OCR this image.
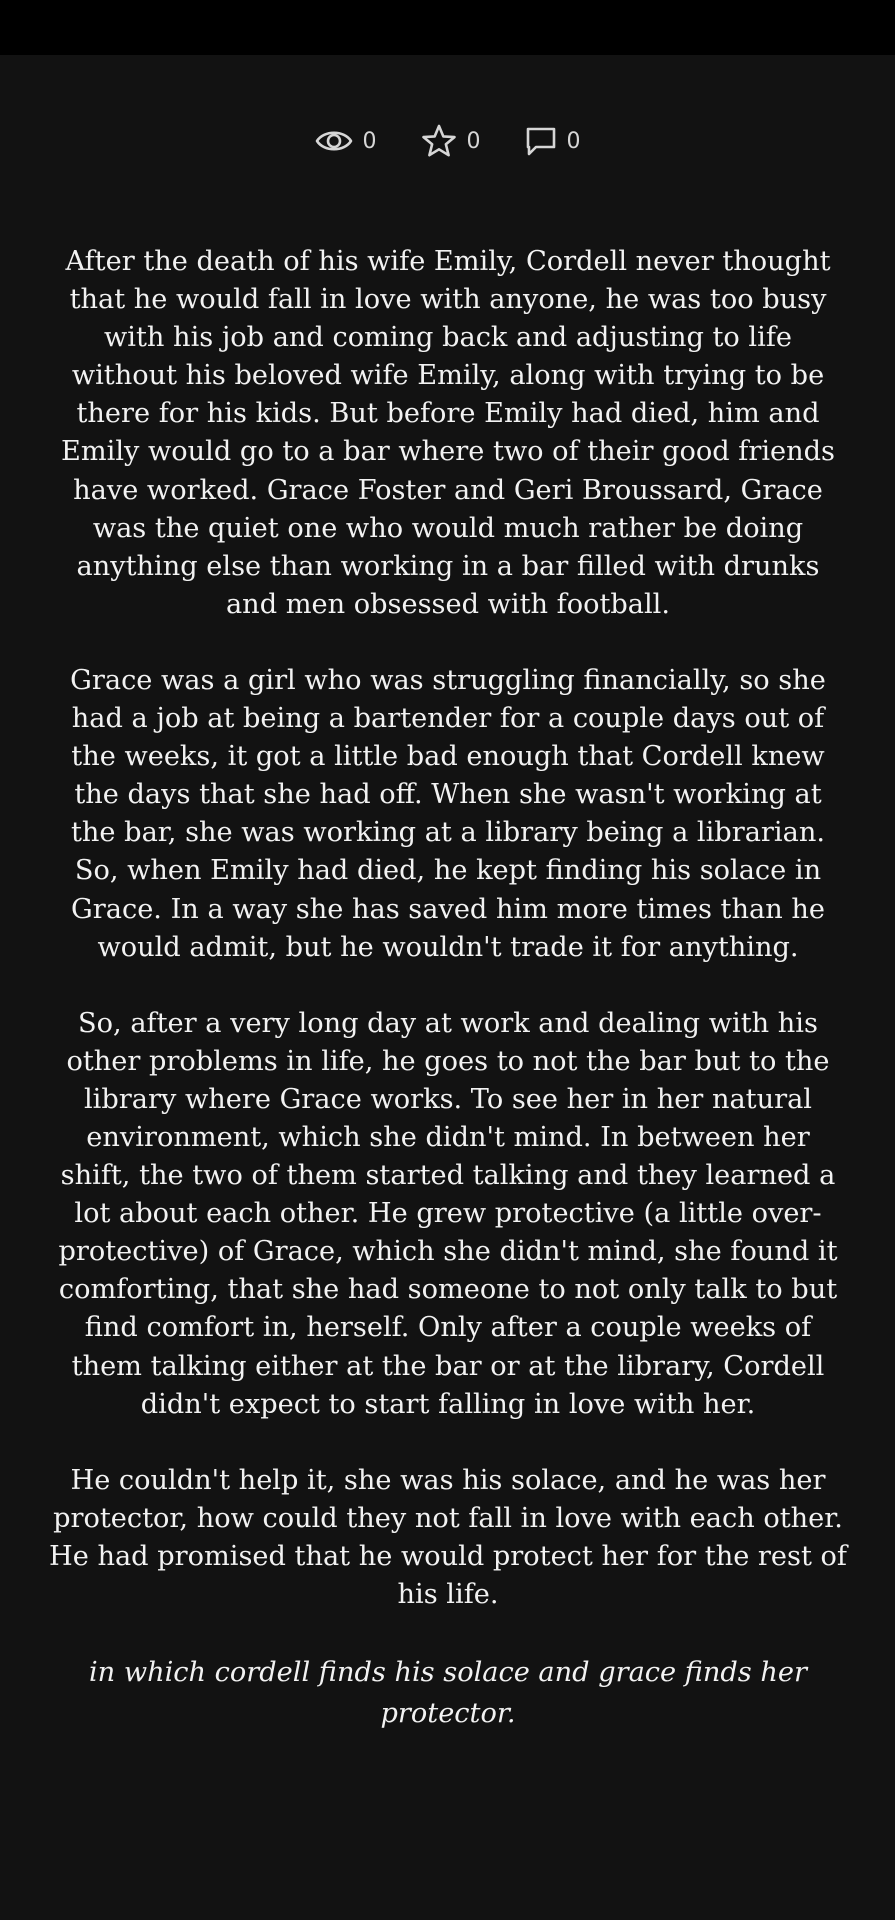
0	0	0

After the death of his wife Emily, Cordell never thought that he would fall in love with anyone, he was too busy with his job and coming back and adjusting to life without his beloved wife Emily, along with trying to be there for his kids. But before Emily had died, him and Emily would go to a bar where two of their good friends have worked. Grace Foster and Geri Broussard, Grace was the quiet one who would much rather be doing anything else than working in a bar filled with drunks and men obsessed with football.

Grace was a girl who was struggling financially, so she had a job at being a bartender for a couple days out of the weeks, it got a little bad enough that Cordell knew the days that she had off. When she wasn't working at the bar, she was working at a library being a librarian. So, when Emily had died, he kept finding his solace in Grace. In a way she has saved him more times than he would admit, but he wouldn't trade it for anything.

So, after a very long day at work and dealing with his other problems in life, he goes to not the bar but to the library where Grace works. To see her in her natural environment, which she didn't mind. In between her shift, the two of them started talking and they learned a lot about each other. He grew protective (a little over-protective) of Grace, which she didn't mind, she found it comforting, that she had someone to not only talk to but find comfort in, herself. Only after a couple weeks of them talking either at the bar or at the library, Cordell didn't expect to start falling in love with her.

He couldn't help it, she was his solace, and he was her protector, how could they not fall in love with each other. He had promised that he would protect her for the rest of his life.

in which cordell finds his solace and grace finds her protector.
